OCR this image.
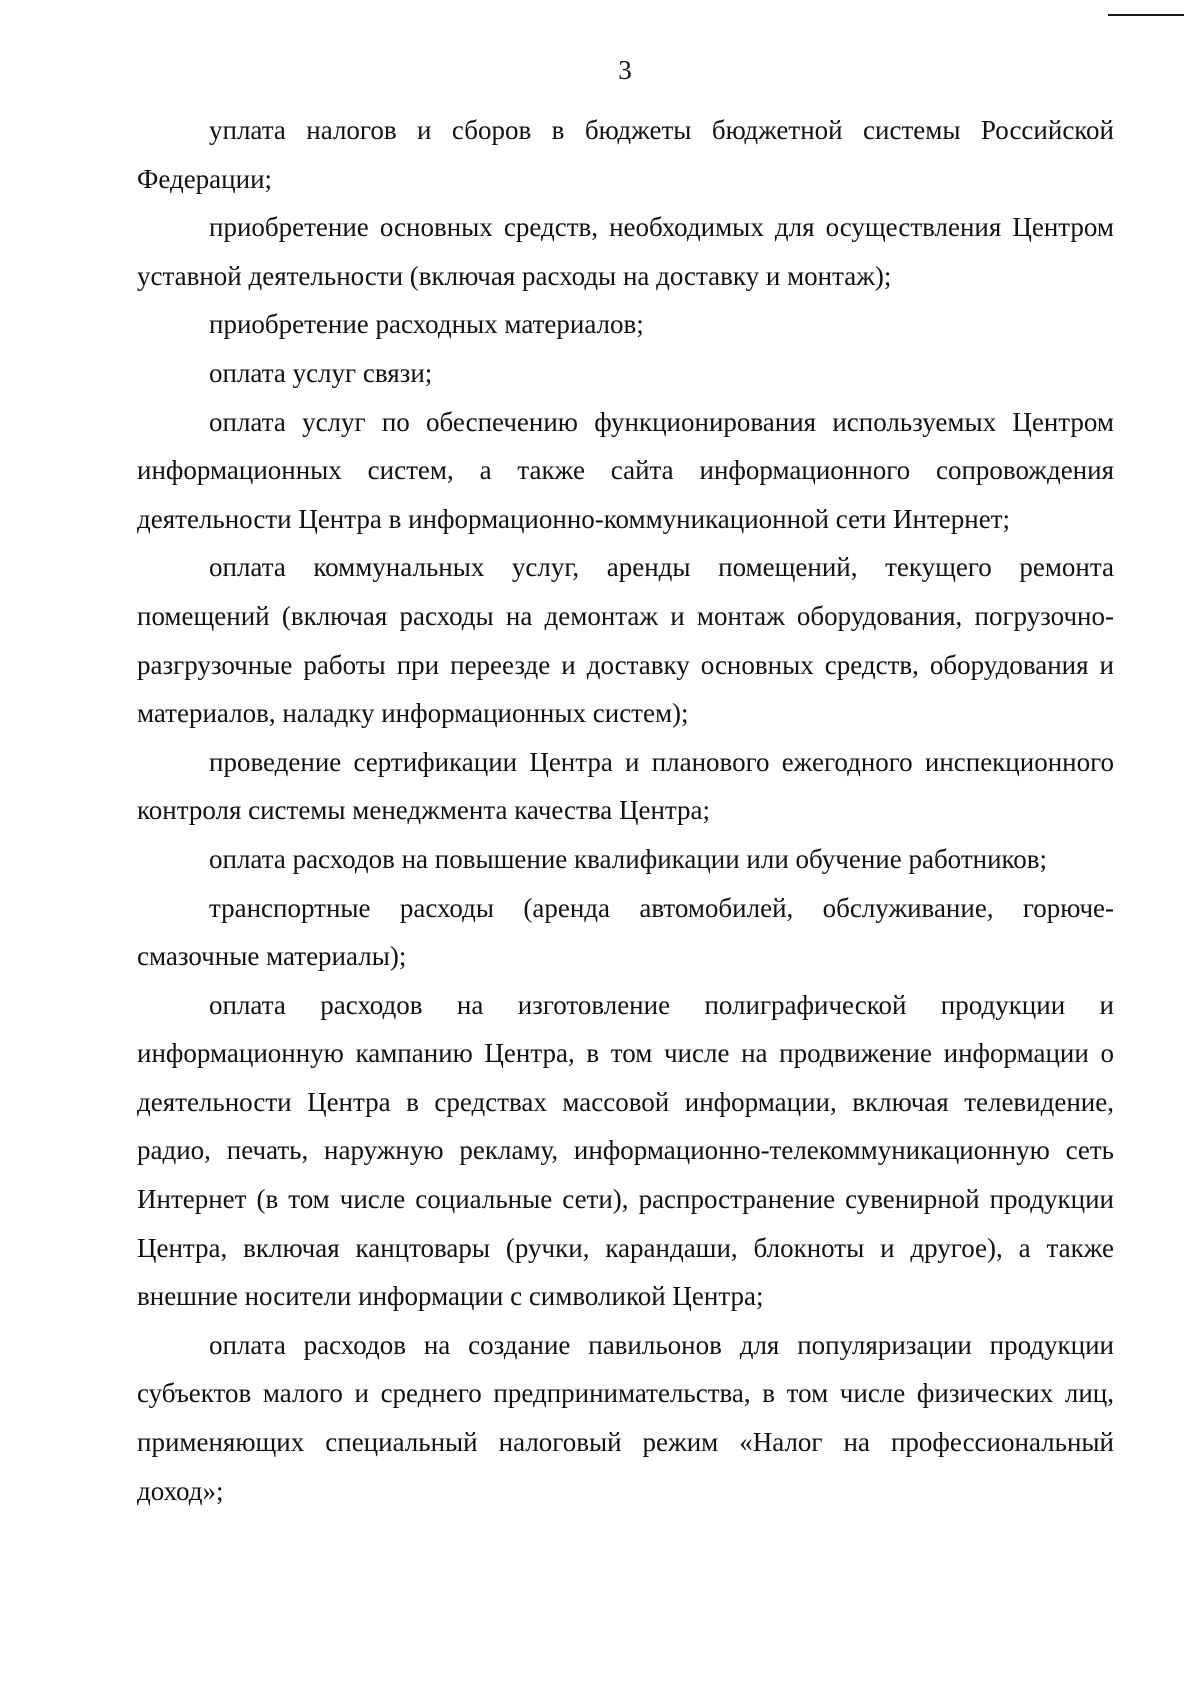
3

уплата налогов и сборов в бюджеты бюджетной системы Российской Федерации;

приобретение основных средств, необходимых для осуществления Центром уставной деятельности (включая расходы на доставку и монтаж);

приобретение расходных материалов;

оплата услуг связи;

оплата услуг по обеспечению функционирования используемых Центром информационных систем, а также сайта информационного сопровождения деятельности Центра в информационно-коммуникационной сети Интернет;

оплата коммунальных услуг, аренды помещений, текущего ремонта помещений (включая расходы на демонтаж и монтаж оборудования, погрузочно-разгрузочные работы при переезде и доставку основных средств, оборудования и материалов, наладку информационных систем);

проведение сертификации Центра и планового ежегодного инспекционного контроля системы менеджмента качества Центра;

оплата расходов на повышение квалификации или обучение работников;

транспортные расходы (аренда автомобилей, обслуживание, горюче-смазочные материалы);

оплата расходов на изготовление полиграфической продукции и информационную кампанию Центра, в том числе на продвижение информации о деятельности Центра в средствах массовой информации, включая телевидение, радио, печать, наружную рекламу, информационно-телекоммуникационную сеть Интернет (в том числе социальные сети), распространение сувенирной продукции Центра, включая канцтовары (ручки, карандаши, блокноты и другое), а также внешние носители информации с символикой Центра;

оплата расходов на создание павильонов для популяризации продукции субъектов малого и среднего предпринимательства, в том числе физических лиц, применяющих специальный налоговый режим «Налог на профессиональный доход»;
